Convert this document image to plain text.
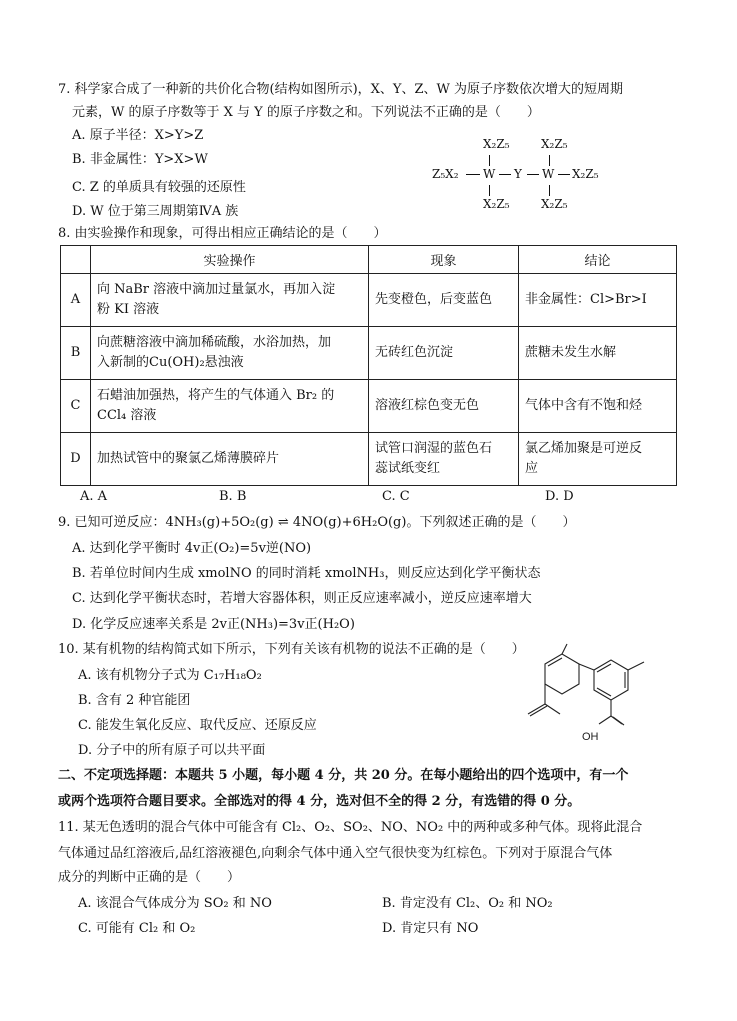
7. 科学家合成了一种新的共价化合物(结构如图所示)，X、Y、Z、W 为原子序数依次增大的短周期
元素，W 的原子序数等于 X 与 Y 的原子序数之和。下列说法不正确的是（　　）
A. 原子半径：X>Y>Z
B. 非金属性：Y>X>W
C. Z 的单质具有较强的还原性
D. W 位于第三周期第ⅣA 族
X₂Z₅	X₂Z₅
Z₅X₂ W Y W X₂Z₅
X₂Z₅	X₂Z₅
8. 由实验操作和现象，可得出相应正确结论的是（　　）
	实验操作	现象	结论
A	向 NaBr 溶液中滴加过量氯水，再加入淀
粉 KI 溶液	先变橙色，后变蓝色	非金属性：Cl>Br>I
B	向蔗糖溶液中滴加稀硫酸，水浴加热，加
入新制的Cu(OH)₂悬浊液	无砖红色沉淀	蔗糖未发生水解
C	石蜡油加强热，将产生的气体通入 Br₂ 的
CCl₄ 溶液	溶液红棕色变无色	气体中含有不饱和烃
D	加热试管中的聚氯乙烯薄膜碎片	试管口润湿的蓝色石
蕊试纸变红	氯乙烯加聚是可逆反
应
A. A	B. B	C. C	D. D
9. 已知可逆反应：4NH₃(g)+5O₂(g) ⇌ 4NO(g)+6H₂O(g)。下列叙述正确的是（　　）
A. 达到化学平衡时 4v正(O₂)=5v逆(NO)
B. 若单位时间内生成 xmolNO 的同时消耗 xmolNH₃，则反应达到化学平衡状态
C. 达到化学平衡状态时，若增大容器体积，则正反应速率减小，逆反应速率增大
D. 化学反应速率关系是 2v正(NH₃)=3v正(H₂O)
10. 某有机物的结构简式如下所示，下列有关该有机物的说法不正确的是（　　）
A. 该有机物分子式为 C₁₇H₁₈O₂
B. 含有 2 种官能团
C. 能发生氧化反应、取代反应、还原反应
D. 分子中的所有原子可以共平面
OH
二、不定项选择题：本题共 5 小题，每小题 4 分，共 20 分。在每小题给出的四个选项中，有一个
或两个选项符合题目要求。全部选对的得 4 分，选对但不全的得 2 分，有选错的得 0 分。
11. 某无色透明的混合气体中可能含有 Cl₂、O₂、SO₂、NO、NO₂ 中的两种或多种气体。现将此混合
气体通过品红溶液后,品红溶液褪色,向剩余气体中通入空气很快变为红棕色。下列对于原混合气体
成分的判断中正确的是（　　）
A. 该混合气体成分为 SO₂ 和 NO	B. 肯定没有 Cl₂、O₂ 和 NO₂
C. 可能有 Cl₂ 和 O₂	D. 肯定只有 NO
